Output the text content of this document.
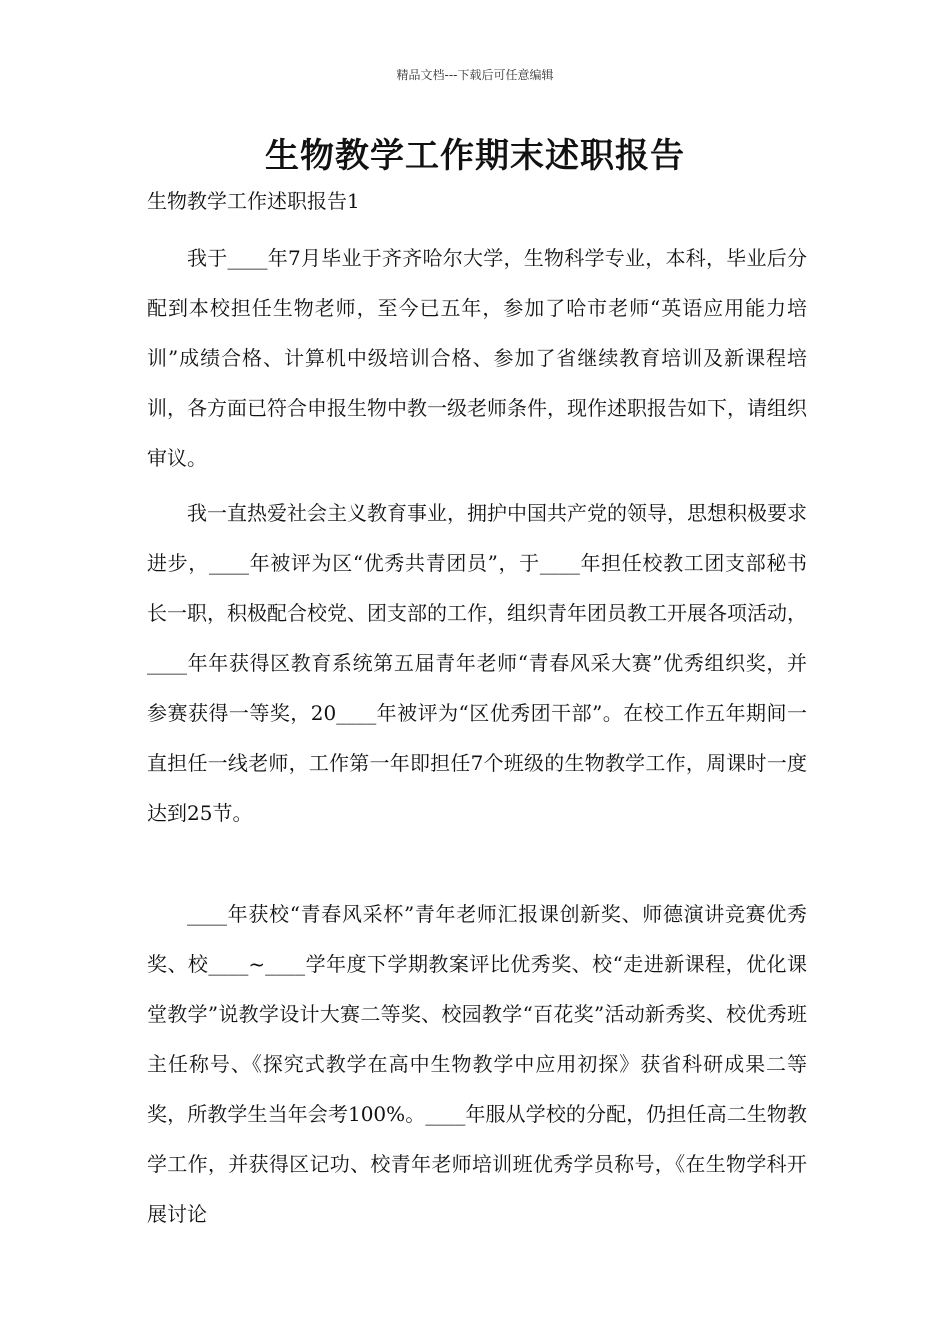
精品文档---下载后可任意编辑
生物教学工作期末述职报告

生物教学工作述职报告1

我于____年7月毕业于齐齐哈尔大学，生物科学专业，本科，毕业后分配到本校担任生物老师，至今已五年，参加了哈市老师“英语应用能力培训”成绩合格、计算机中级培训合格、参加了省继续教育培训及新课程培训，各方面已符合申报生物中教一级老师条件，现作述职报告如下，请组织审议。

我一直热爱社会主义教育事业，拥护中国共产党的领导，思想积极要求进步，____年被评为区“优秀共青团员”，于____年担任校教工团支部秘书长一职，积极配合校党、团支部的工作，组织青年团员教工开展各项活动，____年年获得区教育系统第五届青年老师“青春风采大赛”优秀组织奖，并参赛获得一等奖，20____年被评为“区优秀团干部”。在校工作五年期间一直担任一线老师，工作第一年即担任7个班级的生物教学工作，周课时一度达到25节。

____年获校“青春风采杯”青年老师汇报课创新奖、师德演讲竞赛优秀奖、校____~____学年度下学期教案评比优秀奖、校“走进新课程，优化课堂教学”说教学设计大赛二等奖、校园教学“百花奖”活动新秀奖、校优秀班主任称号、《探究式教学在高中生物教学中应用初探》获省科研成果二等奖，所教学生当年会考100%。____年服从学校的分配，仍担任高二生物教学工作，并获得区记功、校青年老师培训班优秀学员称号，《在生物学科开展讨论
